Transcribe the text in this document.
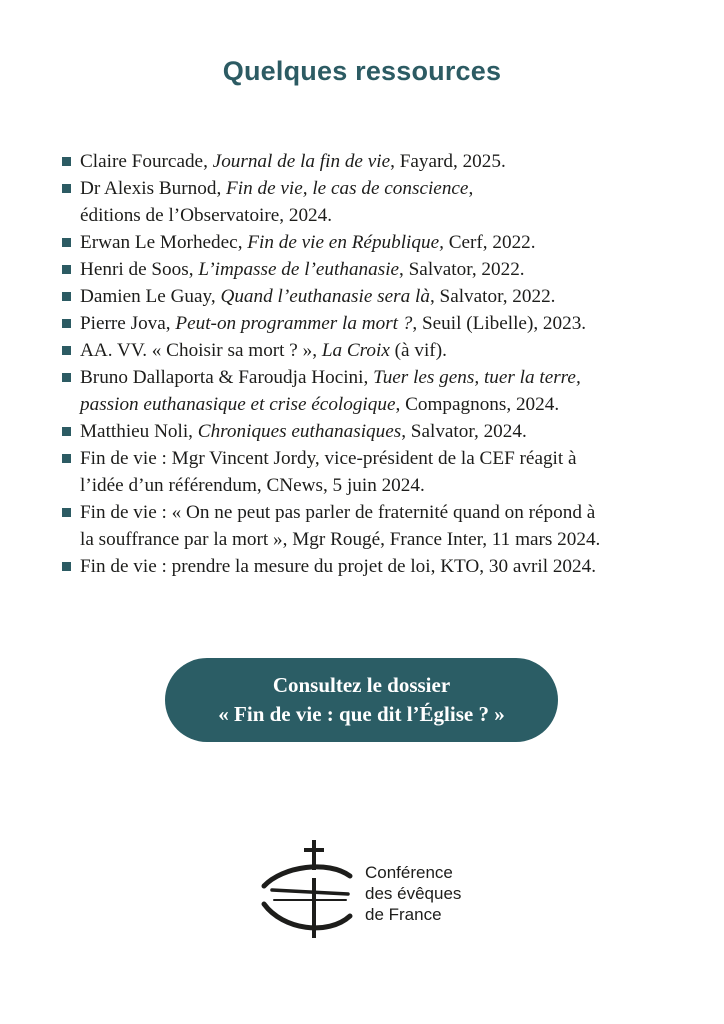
Quelques ressources
Claire Fourcade, Journal de la fin de vie, Fayard, 2025.
Dr Alexis Burnod, Fin de vie, le cas de conscience,
éditions de l’Observatoire, 2024.
Erwan Le Morhedec, Fin de vie en République, Cerf, 2022.
Henri de Soos, L’impasse de l’euthanasie, Salvator, 2022.
Damien Le Guay, Quand l’euthanasie sera là, Salvator, 2022.
Pierre Jova, Peut-on programmer la mort ?, Seuil (Libelle), 2023.
AA. VV. « Choisir sa mort ? », La Croix (à vif).
Bruno Dallaporta & Faroudja Hocini, Tuer les gens, tuer la terre,
passion euthanasique et crise écologique, Compagnons, 2024.
Matthieu Noli, Chroniques euthanasiques, Salvator, 2024.
Fin de vie : Mgr Vincent Jordy, vice-président de la CEF réagit à
l’idée d’un référendum, CNews, 5 juin 2024.
Fin de vie : « On ne peut pas parler de fraternité quand on répond à
la souffrance par la mort », Mgr Rougé, France Inter, 11 mars 2024.
Fin de vie : prendre la mesure du projet de loi, KTO, 30 avril 2024.
Consultez le dossier
« Fin de vie : que dit l’Église ? »
Conférence
des évêques
de France
